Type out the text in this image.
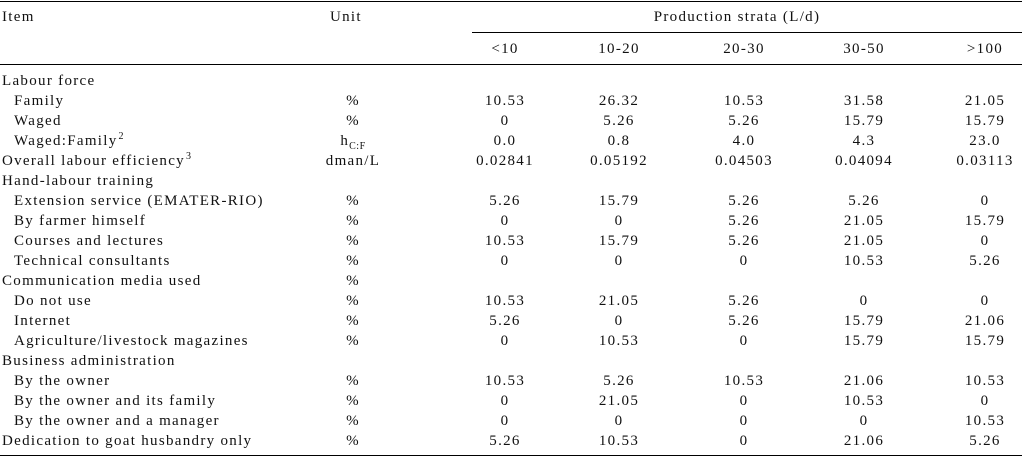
Item	Unit	Production strata (L/d)
<10	10-20	20-30	30-50	>100
Labour force
Family	%	10.53	26.32	10.53	31.58	21.05
Waged	%	0	5.26	5.26	15.79	15.79
Waged:Family$^2$	$h_{C:F}$	0.0	0.8	4.0	4.3	23.0
Overall labour efficiency$^3$	dman/L	0.02841	0.05192	0.04503	0.04094	0.03113
Hand-labour training
Extension service (EMATER-RIO)	%	5.26	15.79	5.26	5.26	0
By farmer himself	%	0	0	5.26	21.05	15.79
Courses and lectures	%	10.53	15.79	5.26	21.05	0
Technical consultants	%	0	0	0	10.53	5.26
Communication media used	%
Do not use	%	10.53	21.05	5.26	0	0
Internet	%	5.26	0	5.26	15.79	21.06
Agriculture/livestock magazines	%	0	10.53	0	15.79	15.79
Business administration
By the owner	%	10.53	5.26	10.53	21.06	10.53
By the owner and its family	%	0	21.05	0	10.53	0
By the owner and a manager	%	0	0	0	0	10.53
Dedication to goat husbandry only	%	5.26	10.53	0	21.06	5.26
